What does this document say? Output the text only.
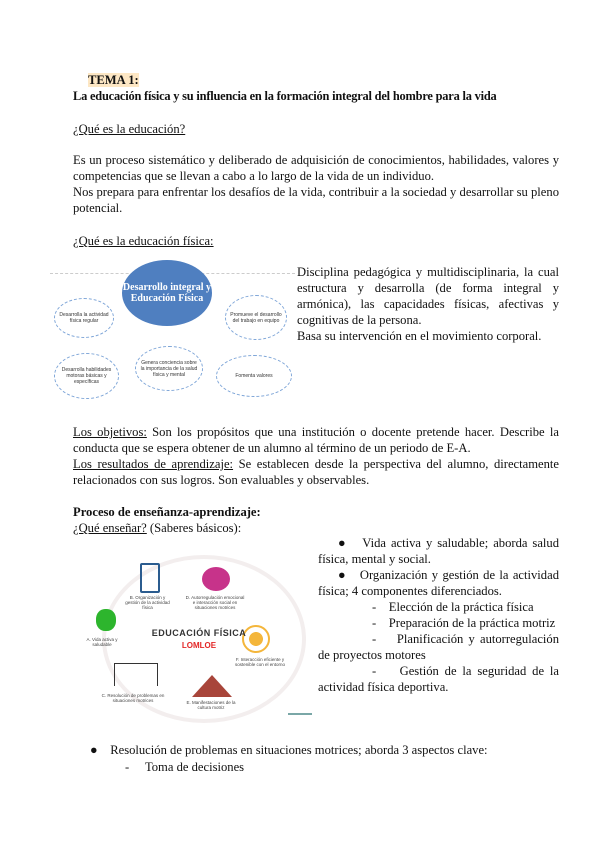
TEMA 1:
La educación física y su influencia en la formación integral del hombre para la vida
¿Qué es la educación?

Es un proceso sistemático y deliberado de adquisición de conocimientos, habilidades, valores y competencias que se llevan a cabo a lo largo de la vida de un individuo.

Nos prepara para enfrentar los desafíos de la vida, contribuir a la sociedad y desarrollar su pleno potencial.

¿Qué es la educación física:
Desarrollo integral y Educación Física
Desarrolla la actividad física regular
Promueve el desarrollo del trabajo en equipo
Desarrolla habilidades motoras básicas y específicas
Genera conciencia sobre la importancia de la salud física y mental	Fomenta valores

Disciplina pedagógica y multidisciplinaria, la cual estructura y desarrolla (de forma integral y armónica), las capacidades físicas, afectivas y cognitivas de la persona.

Basa su intervención en el movimiento corporal.

Los objetivos: Son los propósitos que una institución o docente pretende hacer. Describe la conducta que se espera obtener de un alumno al término de un periodo de E-A.

Los resultados de aprendizaje: Se establecen desde la perspectiva del alumno, directamente relacionados con sus logros. Son evaluables y observables.

Proceso de enseñanza-aprendizaje:
¿Qué enseñar? (Saberes básicos):
EDUCACIÓN FÍSICA
LOMLOE
A. Vida activa y saludable
B. Organización y gestión de la actividad física
C. Resolución de problemas en situaciones motrices
D. Autorregulación emocional e interacción social en situaciones motrices
E. Manifestaciones de la cultura motriz
F. Interacción eficiente y sostenible con el entorno

●   Vida activa y saludable; aborda salud física, mental y social.

●   Organización y gestión de la actividad física; 4 componentes diferenciados.

-    Elección de la práctica física

-    Preparación de la práctica motriz

-    Planificación y autorregulación de proyectos motores

-    Gestión de la seguridad de la actividad física deportiva.

●    Resolución de problemas en situaciones motrices; aborda 3 aspectos clave:

-     Toma de decisiones
